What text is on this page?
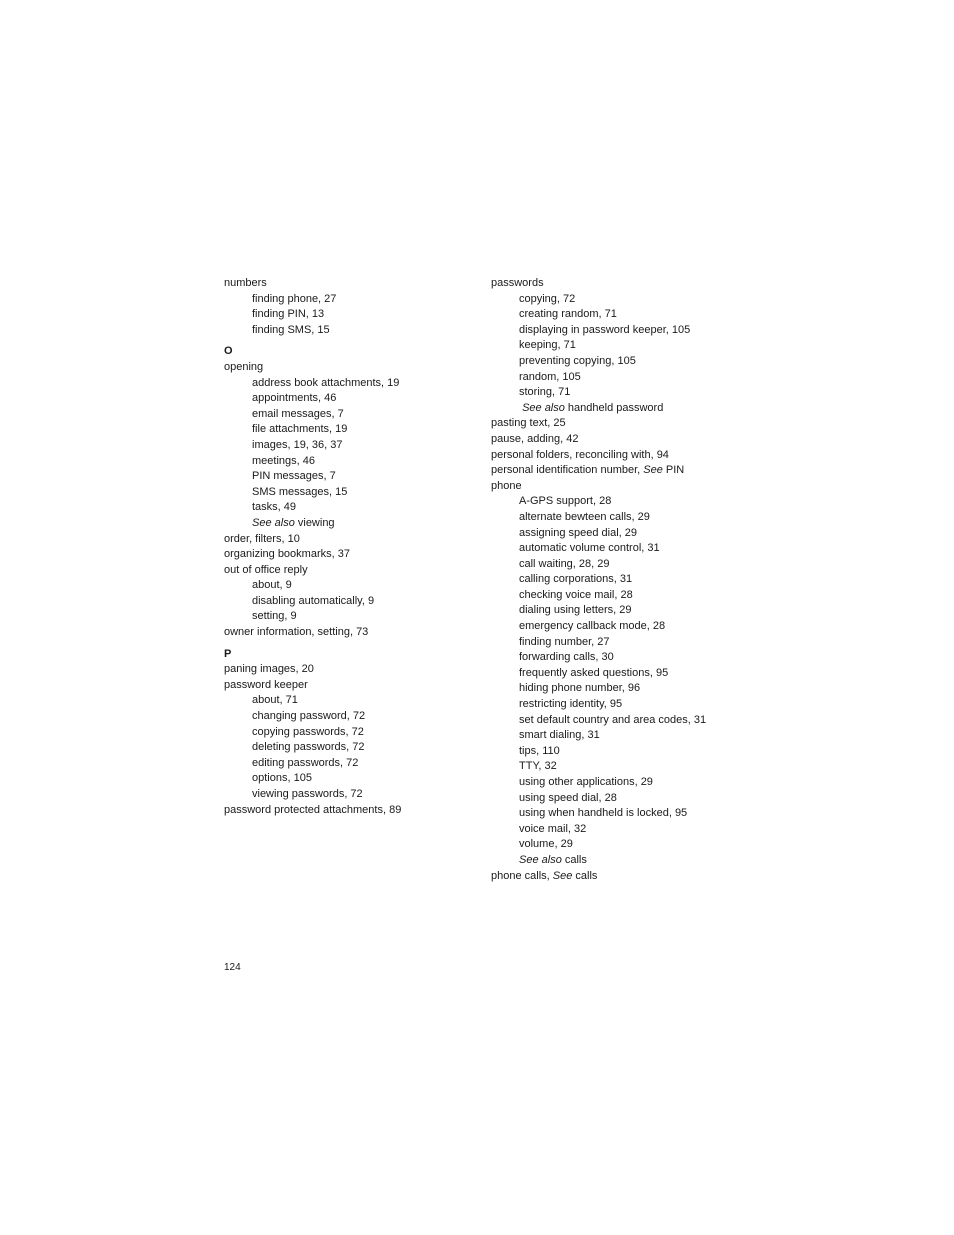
numbers
finding phone, 27
finding PIN, 13
finding SMS, 15
O
opening
address book attachments, 19
appointments, 46
email messages, 7
file attachments, 19
images, 19, 36, 37
meetings, 46
PIN messages, 7
SMS messages, 15
tasks, 49
See also viewing
order, filters, 10
organizing bookmarks, 37
out of office reply
about, 9
disabling automatically, 9
setting, 9
owner information, setting, 73
P
paning images, 20
password keeper
about, 71
changing password, 72
copying passwords, 72
deleting passwords, 72
editing passwords, 72
options, 105
viewing passwords, 72
password protected attachments, 89
passwords
copying, 72
creating random, 71
displaying in password keeper, 105
keeping, 71
preventing copying, 105
random, 105
storing, 71
See also handheld password
pasting text, 25
pause, adding, 42
personal folders, reconciling with, 94
personal identification number, See PIN
phone
A-GPS support, 28
alternate bewteen calls, 29
assigning speed dial, 29
automatic volume control, 31
call waiting, 28, 29
calling corporations, 31
checking voice mail, 28
dialing using letters, 29
emergency callback mode, 28
finding number, 27
forwarding calls, 30
frequently asked questions, 95
hiding phone number, 96
restricting identity, 95
set default country and area codes, 31
smart dialing, 31
tips, 110
TTY, 32
using other applications, 29
using speed dial, 28
using when handheld is locked, 95
voice mail, 32
volume, 29
See also calls
phone calls, See calls
124
